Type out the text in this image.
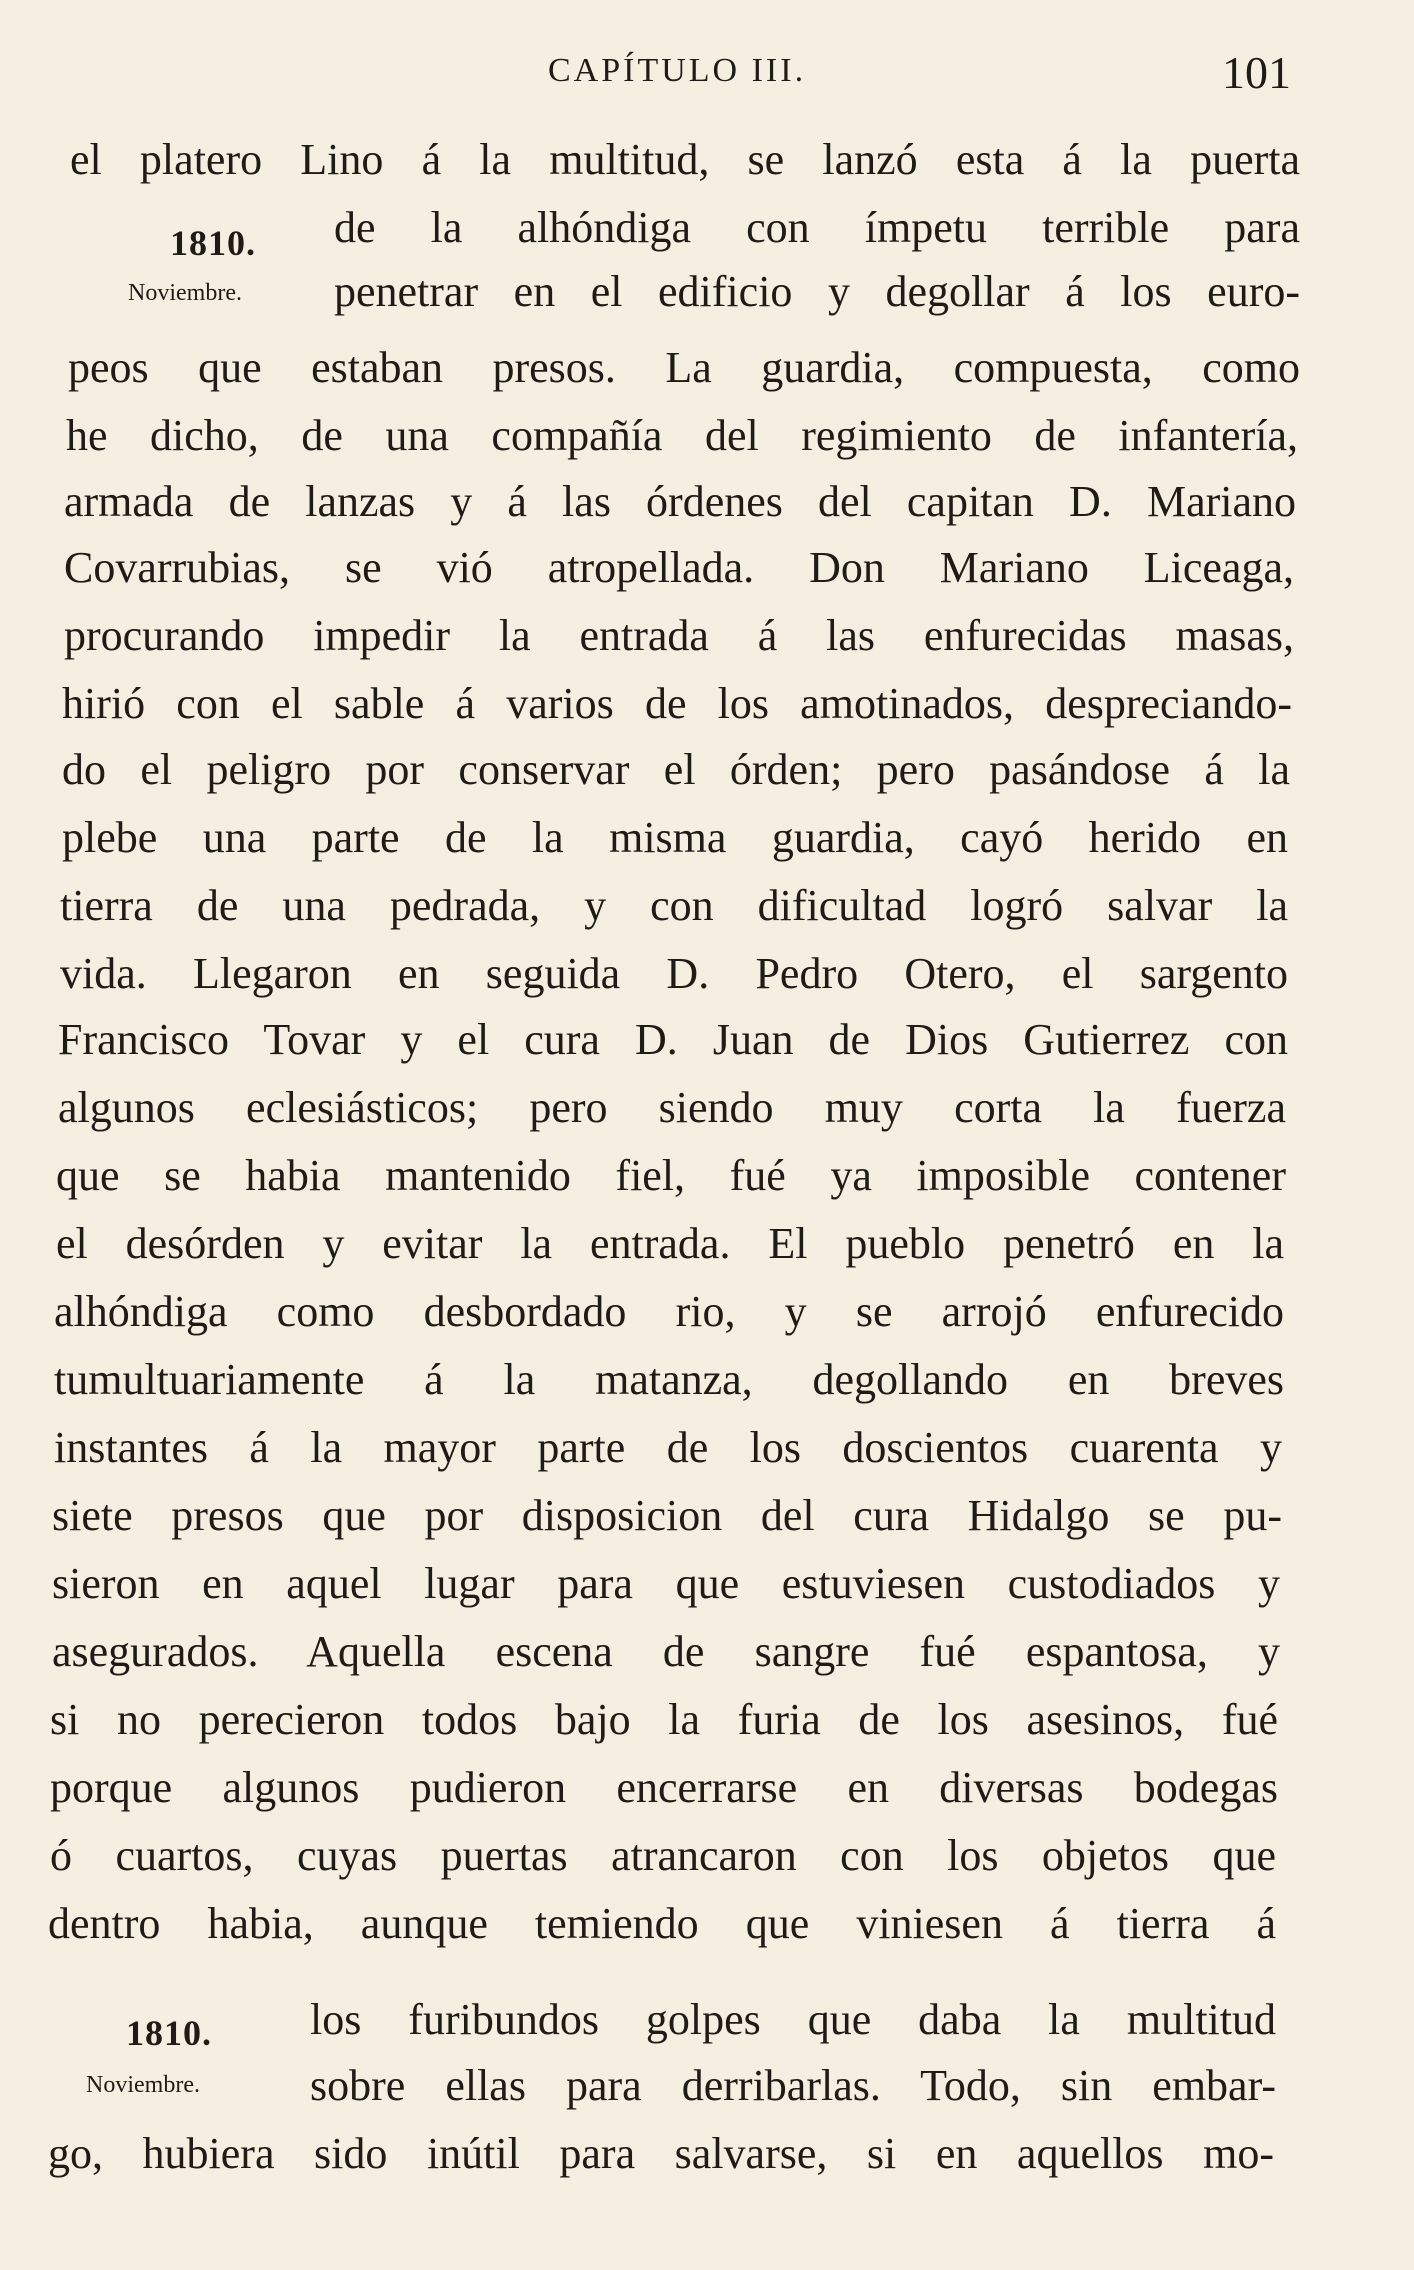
CAPÍTULO III.	101
1810.
Noviembre.
1810.
Noviembre.
el platero Lino á la multitud, se lanzó esta á la puerta
de la alhóndiga con ímpetu terrible para
penetrar en el edificio y degollar á los euro-
peos que estaban presos. La guardia, compuesta, como
he dicho, de una compañía del regimiento de infantería,
armada de lanzas y á las órdenes del capitan D. Mariano
Covarrubias, se vió atropellada. Don Mariano Liceaga,
procurando impedir la entrada á las enfurecidas masas,
hirió con el sable á varios de los amotinados, despreciando-
do el peligro por conservar el órden; pero pasándose á la
plebe una parte de la misma guardia, cayó herido en
tierra de una pedrada, y con dificultad logró salvar la
vida. Llegaron en seguida D. Pedro Otero, el sargento
Francisco Tovar y el cura D. Juan de Dios Gutierrez con
algunos eclesiásticos; pero siendo muy corta la fuerza
que se habia mantenido fiel, fué ya imposible contener
el desórden y evitar la entrada. El pueblo penetró en la
alhóndiga como desbordado rio, y se arrojó enfurecido
tumultuariamente á la matanza, degollando en breves
instantes á la mayor parte de los doscientos cuarenta y
siete presos que por disposicion del cura Hidalgo se pu-
sieron en aquel lugar para que estuviesen custodiados y
asegurados. Aquella escena de sangre fué espantosa, y
si no perecieron todos bajo la furia de los asesinos, fué
porque algunos pudieron encerrarse en diversas bodegas
ó cuartos, cuyas puertas atrancaron con los objetos que
dentro habia, aunque temiendo que viniesen á tierra á
los furibundos golpes que daba la multitud
sobre ellas para derribarlas. Todo, sin embar-
go, hubiera sido inútil para salvarse, si en aquellos mo-
